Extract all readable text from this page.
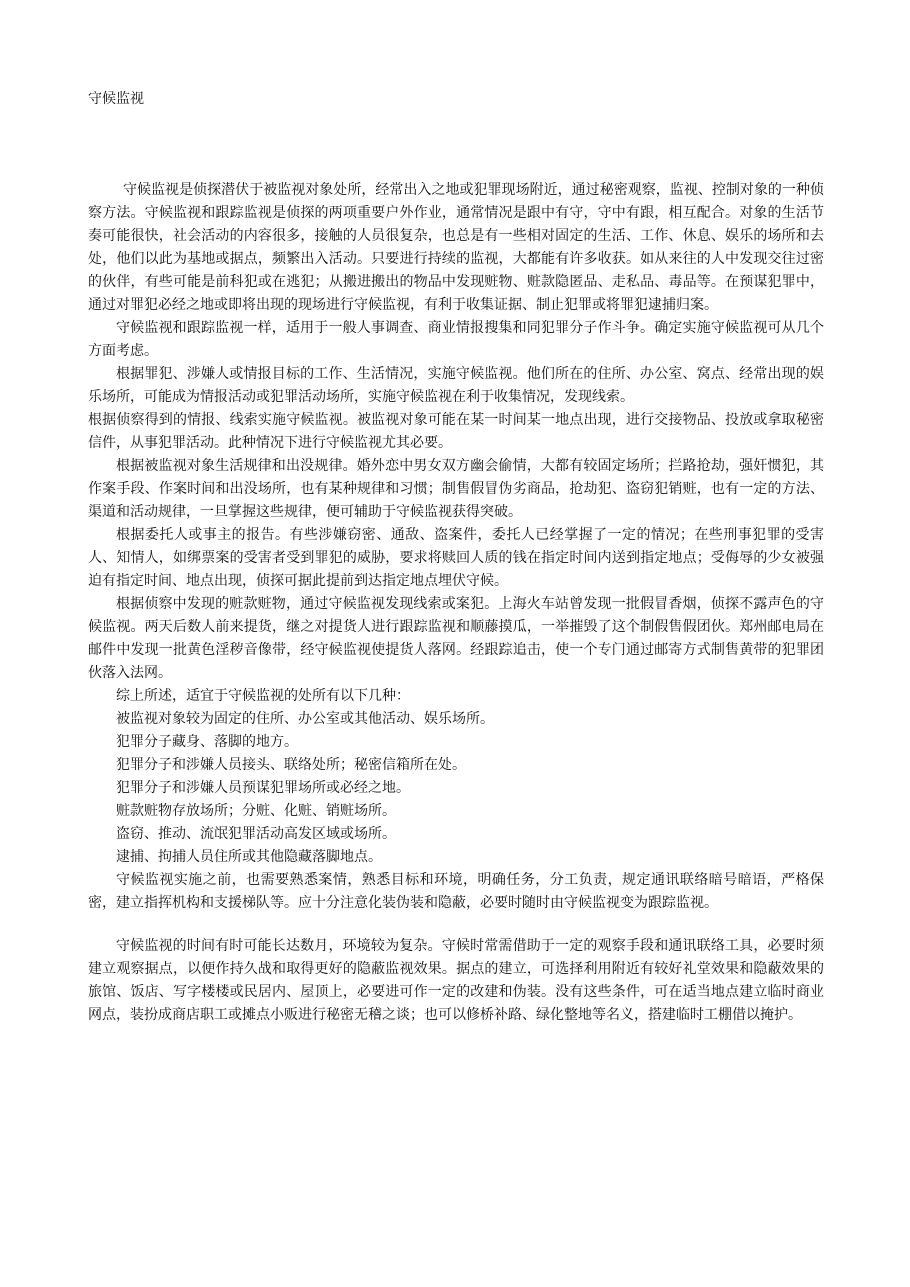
守候监视

守候监视是侦探潜伏于被监视对象处所，经常出入之地或犯罪现场附近，通过秘密观察，监视、控制对象的一种侦察方法。守候监视和跟踪监视是侦探的两项重要户外作业，通常情况是跟中有守，守中有跟，相互配合。对象的生活节奏可能很快，社会活动的内容很多，接触的人员很复杂，也总是有一些相对固定的生活、工作、休息、娱乐的场所和去处，他们以此为基地或据点，频繁出入活动。只要进行持续的监视，大都能有许多收获。如从来往的人中发现交往过密的伙伴，有些可能是前科犯或在逃犯；从搬进搬出的物品中发现赃物、赃款隐匿品、走私品、毒品等。在预谋犯罪中，通过对罪犯必经之地或即将出现的现场进行守候监视，有利于收集证据、制止犯罪或将罪犯逮捕归案。

守候监视和跟踪监视一样，适用于一般人事调查、商业情报搜集和同犯罪分子作斗争。确定实施守候监视可从几个方面考虑。

根据罪犯、涉嫌人或情报目标的工作、生活情况，实施守候监视。他们所在的住所、办公室、窝点、经常出现的娱乐场所，可能成为情报活动或犯罪活动场所，实施守候监视在利于收集情况，发现线索。

根据侦察得到的情报、线索实施守候监视。被监视对象可能在某一时间某一地点出现，进行交接物品、投放或拿取秘密信件，从事犯罪活动。此种情况下进行守候监视尤其必要。

根据被监视对象生活规律和出没规律。婚外恋中男女双方幽会偷情，大都有较固定场所；拦路抢劫，强奸惯犯，其作案手段、作案时间和出没场所，也有某种规律和习惯；制售假冒伪劣商品，抢劫犯、盗窃犯销赃，也有一定的方法、渠道和活动规律，一旦掌握这些规律，便可辅助于守候监视获得突破。

根据委托人或事主的报告。有些涉嫌窃密、通敌、盗案件，委托人已经掌握了一定的情况；在些刑事犯罪的受害人、知情人，如绑票案的受害者受到罪犯的威胁，要求将赎回人质的钱在指定时间内送到指定地点；受侮辱的少女被强迫有指定时间、地点出现，侦探可据此提前到达指定地点埋伏守候。

根据侦察中发现的赃款赃物，通过守候监视发现线索或案犯。上海火车站曾发现一批假冒香烟，侦探不露声色的守候监视。两天后数人前来提货，继之对提货人进行跟踪监视和顺藤摸瓜，一举摧毁了这个制假售假团伙。郑州邮电局在邮件中发现一批黄色淫秽音像带，经守候监视使提货人落网。经跟踪追击，使一个专门通过邮寄方式制售黄带的犯罪团伙落入法网。

综上所述，适宜于守候监视的处所有以下几种：

被监视对象较为固定的住所、办公室或其他活动、娱乐场所。

犯罪分子藏身、落脚的地方。

犯罪分子和涉嫌人员接头、联络处所；秘密信箱所在处。

犯罪分子和涉嫌人员预谋犯罪场所或必经之地。

赃款赃物存放场所；分赃、化赃、销赃场所。

盗窃、推动、流氓犯罪活动高发区域或场所。

逮捕、拘捕人员住所或其他隐藏落脚地点。

守候监视实施之前，也需要熟悉案情，熟悉目标和环境，明确任务，分工负责，规定通讯联络暗号暗语，严格保密，建立指挥机构和支援梯队等。应十分注意化装伪装和隐蔽，必要时随时由守候监视变为跟踪监视。

守候监视的时间有时可能长达数月，环境较为复杂。守候时常需借助于一定的观察手段和通讯联络工具，必要时须建立观察据点，以便作持久战和取得更好的隐蔽监视效果。据点的建立，可选择利用附近有较好礼堂效果和隐蔽效果的旅馆、饭店、写字楼楼或民居内、屋顶上，必要进可作一定的改建和伪装。没有这些条件，可在适当地点建立临时商业网点，装扮成商店职工或摊点小贩进行秘密无稽之谈；也可以修桥补路、绿化整地等名义，搭建临时工棚借以掩护。
